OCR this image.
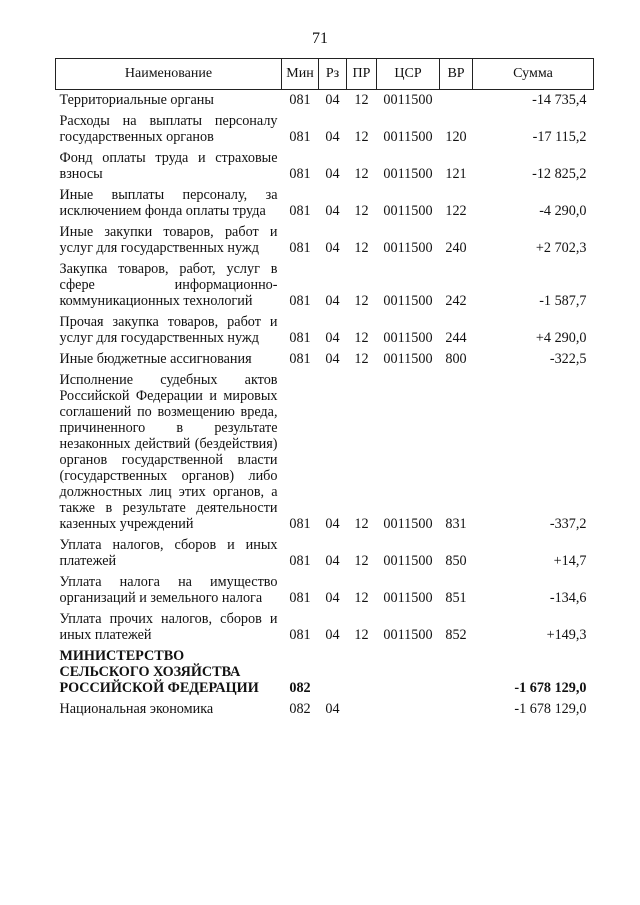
71
Наименование	Мин	Рз	ПР	ЦСР	ВР	Сумма
Территориальные органы	081	04	12	0011500		-14 735,4
Расходы на выплаты персоналу государственных органов	081	04	12	0011500	120	-17 115,2
Фонд оплаты труда и страховые взносы	081	04	12	0011500	121	-12 825,2
Иные выплаты персоналу, за исключением фонда оплаты труда	081	04	12	0011500	122	-4 290,0
Иные закупки товаров, работ и услуг для государственных нужд	081	04	12	0011500	240	+2 702,3
Закупка товаров, работ, услуг в сфере информационно-коммуникационных технологий	081	04	12	0011500	242	-1 587,7
Прочая закупка товаров, работ и услуг для государственных нужд	081	04	12	0011500	244	+4 290,0
Иные бюджетные ассигнования	081	04	12	0011500	800	-322,5
Исполнение судебных актов Российской Федерации и мировых соглашений по возмещению вреда, причиненного в результате незаконных действий (бездействия) органов государственной власти (государственных органов) либо должностных лиц этих органов, а также в результате деятельности казенных учреждений	081	04	12	0011500	831	-337,2
Уплата налогов, сборов и иных платежей	081	04	12	0011500	850	+14,7
Уплата налога на имущество организаций и земельного налога	081	04	12	0011500	851	-134,6
Уплата прочих налогов, сборов и иных платежей	081	04	12	0011500	852	+149,3
МИНИСТЕРСТВО СЕЛЬСКОГО ХОЗЯЙСТВА РОССИЙСКОЙ ФЕДЕРАЦИИ	082					-1 678 129,0
Национальная экономика	082	04				-1 678 129,0
